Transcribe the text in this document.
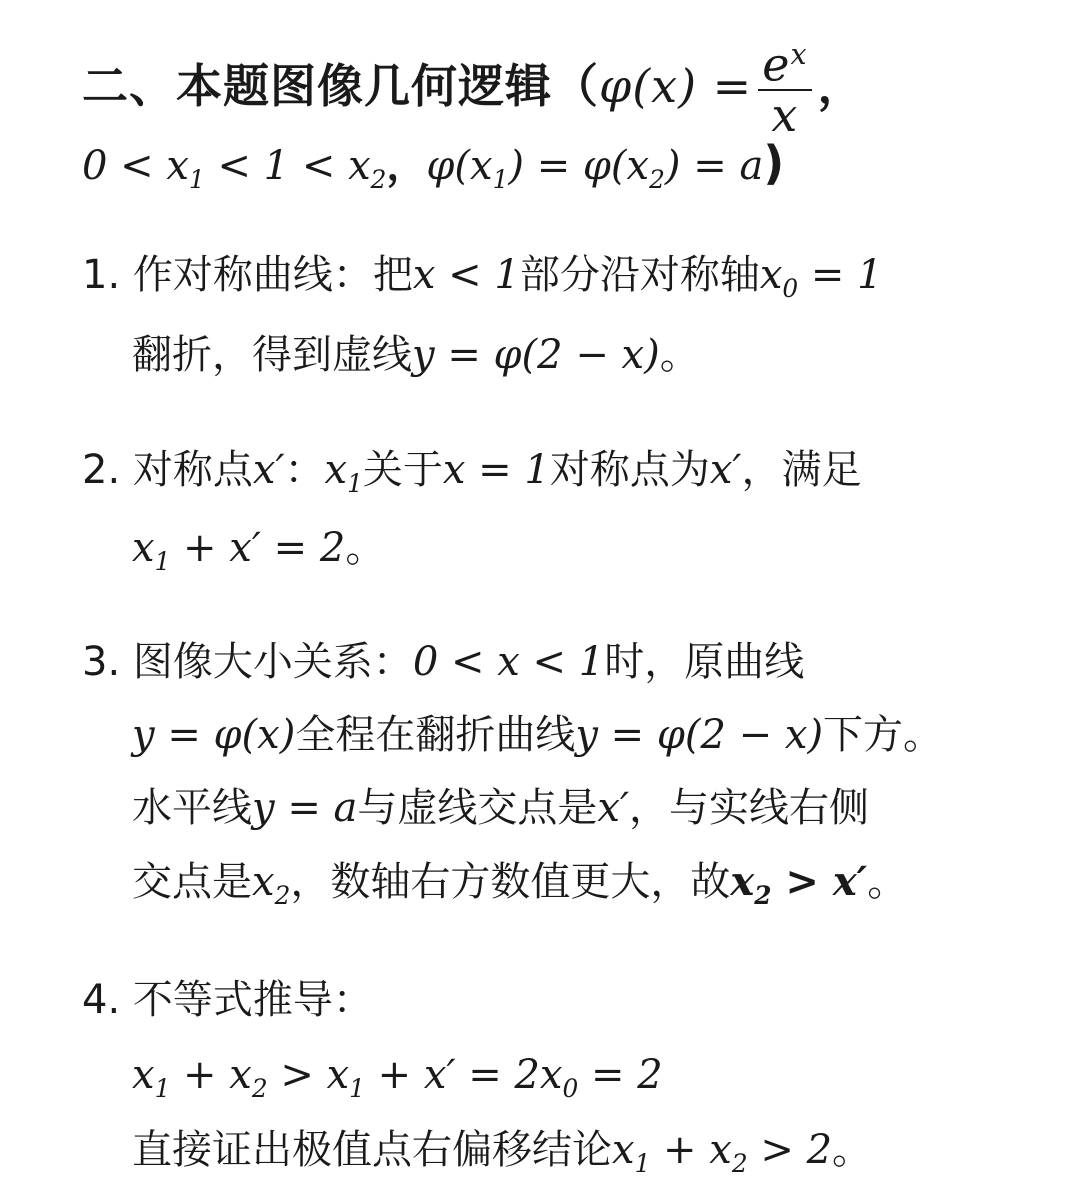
二、本题图像几何逻辑（$\varphi(x) = \frac{e^x}{x}$ ，
$0 < x_1 < 1 < x_2$，$\varphi(x_1) = \varphi(x_2) = a$)
1. 作对称曲线：把x < 1部分沿对称轴$x_0 = 1$
翻折，得到虚线y = φ(2 − x)。
2. 对称点x′：$x_1$关于x = 1对称点为x′，满足
$x_1 + x' = 2$。
3. 图像大小关系：0 < x < 1时，原曲线
y = φ(x)全程在翻折曲线y = φ(2 − x)下方。
水平线y = a与虚线交点是x′，与实线右侧
交点是$x_2$，数轴右方数值更大，故$x_2 > x'$。
4. 不等式推导：
$x_1 + x_2 > x_1 + x' = 2x_0 = 2$
直接证出极值点右偏移结论$x_1 + x_2 > 2$。
